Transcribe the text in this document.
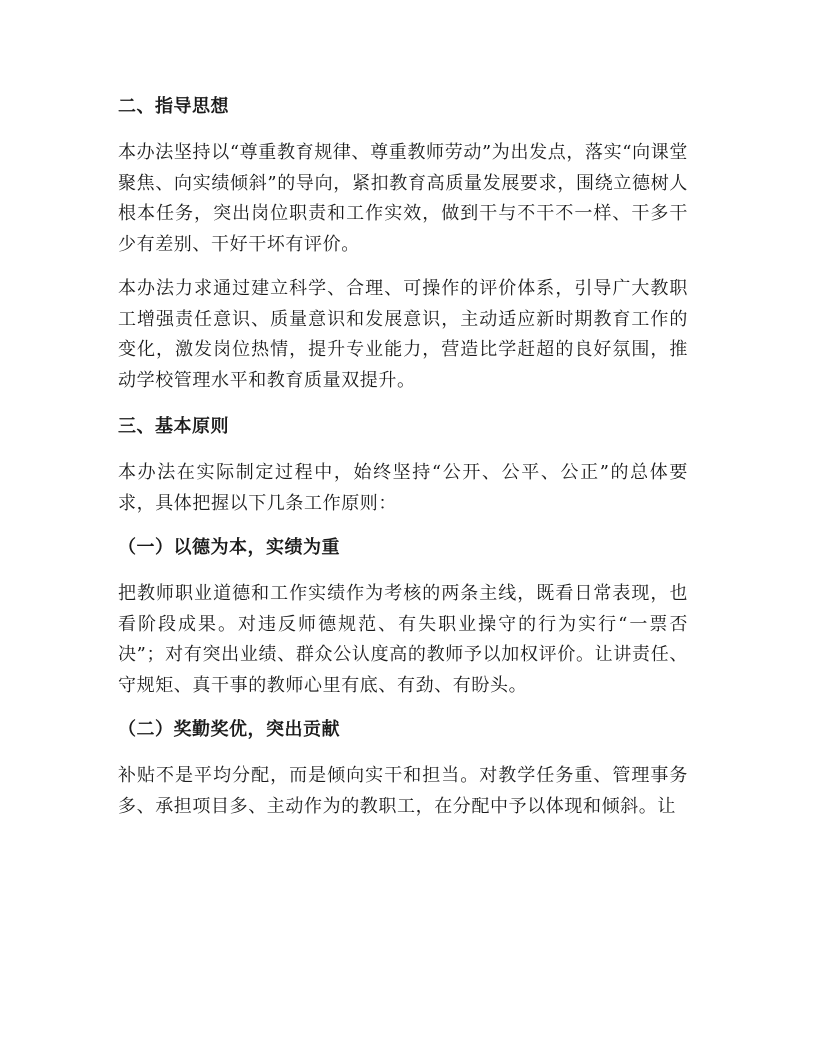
二、指导思想

本办法坚持以“尊重教育规律、尊重教师劳动”为出发点，落实“向课堂聚焦、向实绩倾斜”的导向，紧扣教育高质量发展要求，围绕立德树人根本任务，突出岗位职责和工作实效，做到干与不干不一样、干多干少有差别、干好干坏有评价。

本办法力求通过建立科学、合理、可操作的评价体系，引导广大教职工增强责任意识、质量意识和发展意识，主动适应新时期教育工作的变化，激发岗位热情，提升专业能力，营造比学赶超的良好氛围，推动学校管理水平和教育质量双提升。

三、基本原则

本办法在实际制定过程中，始终坚持“公开、公平、公正”的总体要求，具体把握以下几条工作原则：

（一）以德为本，实绩为重

把教师职业道德和工作实绩作为考核的两条主线，既看日常表现，也看阶段成果。对违反师德规范、有失职业操守的行为实行“一票否决”；对有突出业绩、群众公认度高的教师予以加权评价。让讲责任、守规矩、真干事的教师心里有底、有劲、有盼头。

（二）奖勤奖优，突出贡献

补贴不是平均分配，而是倾向实干和担当。对教学任务重、管理事务多、承担项目多、主动作为的教职工，在分配中予以体现和倾斜。让
